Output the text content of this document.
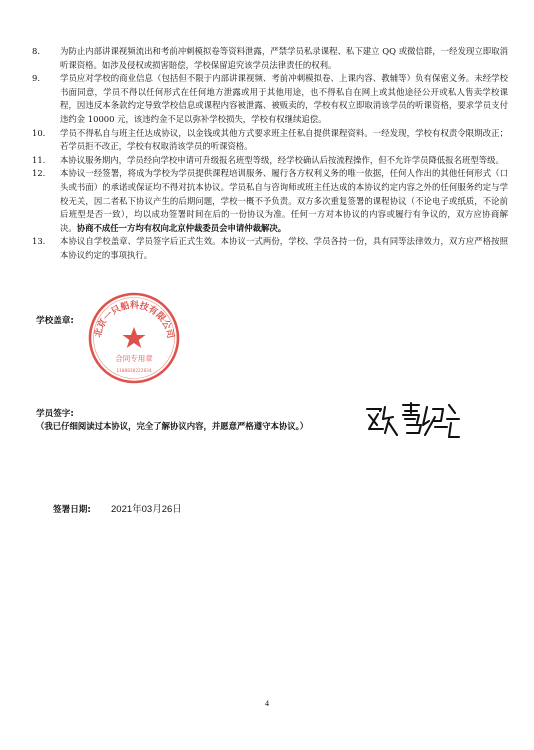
8.	为防止内部讲课视频流出和考前冲刺模拟卷等资料泄露，严禁学员私录课程、私下建立 QQ 或微信群，一经发现立即取消听课资格。如涉及侵权或损害賠偿，学校保留追究该学员法律责任的权利。
9.	学员应对学校的商业信息（包括但不限于内部讲课视频、考前冲刺模拟卷、上课内容、教辅等）负有保密义务。未经学校书面同意，学员不得以任何形式在任何地方泄露或用于其他用途，也不得私自在网上或其他途径公开或私人售卖学校课程，因违反本条款约定导致学校信息或课程内容被泄露、被贩卖的，学校有权立即取消该学员的听课资格，要求学员支付违约金 10000 元，该违约金不足以弥补学校损失，学校有权继续追偿。
10.	学员不得私自与班主任达成协议，以金钱或其他方式要求班主任私自提供课程资料。一经发现，学校有权责令限期改正；若学员拒不改正，学校有权取消该学员的听课资格。
11.	本协议服务期内，学员经向学校申请可升级报名班型等级，经学校确认后按流程操作，但不允许学员降低报名班型等级。
12.	本协议一经签署，将成为学校为学员提供课程培训服务、履行各方权利义务的唯一依据，任何人作出的其他任何形式（口头或书面）的承诺或保证均不得对抗本协议。学员私自与咨询师或班主任达成的本协议约定内容之外的任何服务约定与学校无关，因二者私下协议产生的后期问题，学校一概不予负责。双方多次重复签署的课程协议（不论电子或纸质，不论前后班型是否一致），均以成功签署时间在后的一份协议为准。任何一方对本协议的内容或履行有争议的，双方应协商解决。协商不成任一方均有权向北京仲裁委员会申请仲裁解决。
13.	本协议自学校盖章、学员签字后正式生效。本协议一式两份，学校、学员各持一份，具有同等法律效力，双方应严格按照本协议约定的事项执行。
学校盖章:
北京一只船科技有限公司
合同专用章
1108830222834
学员签字:
（我已仔细阅读过本协议，完全了解协议内容，并愿意严格遵守本协议。）
签署日期: 2021年03月26日
4
